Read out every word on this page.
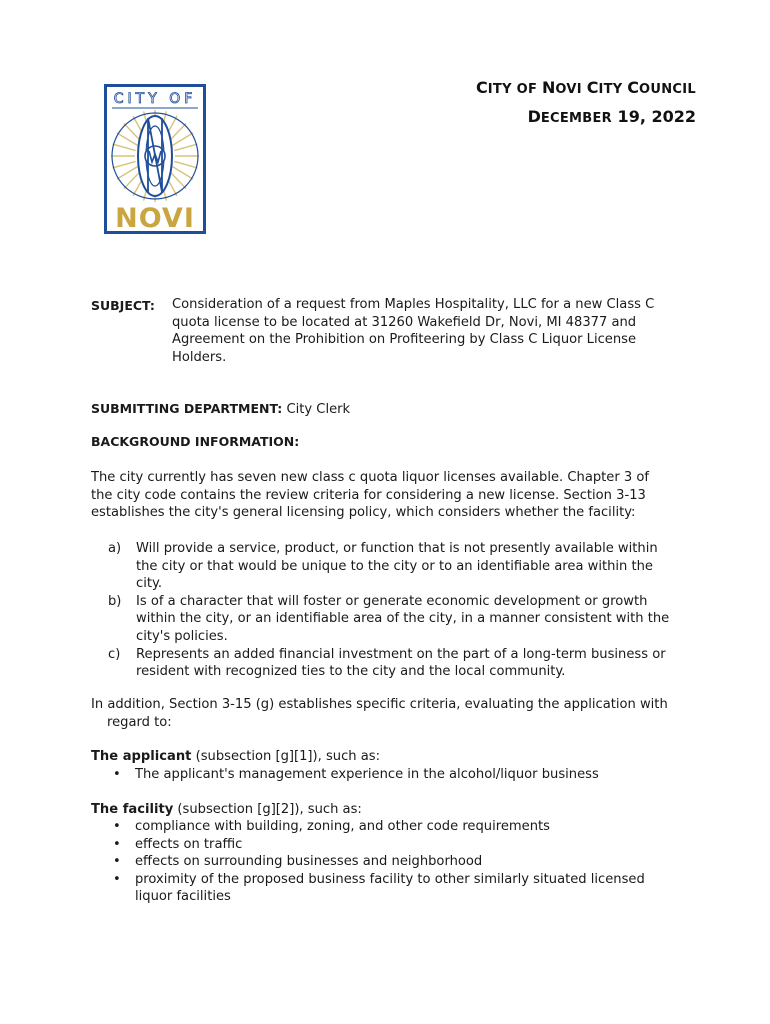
CITY OF
NOVI
CITY OF NOVI CITY COUNCIL
DECEMBER 19, 2022
SUBJECT: Consideration of a request from Maples Hospitality, LLC for a new Class C
quota license to be located at 31260 Wakefield Dr, Novi, MI 48377 and
Agreement on the Prohibition on Profiteering by Class C Liquor License
Holders.
SUBMITTING DEPARTMENT: City Clerk
BACKGROUND INFORMATION:
The city currently has seven new class c quota liquor licenses available. Chapter 3 of
the city code contains the review criteria for considering a new license. Section 3-13
establishes the city's general licensing policy, which considers whether the facility:
a) Will provide a service, product, or function that is not presently available within
the city or that would be unique to the city or to an identifiable area within the
city.
b) Is of a character that will foster or generate economic development or growth
within the city, or an identifiable area of the city, in a manner consistent with the
city's policies.
c) Represents an added financial investment on the part of a long-term business or
resident with recognized ties to the city and the local community.
In addition, Section 3-15 (g) establishes specific criteria, evaluating the application with
regard to:
The applicant (subsection [g][1]), such as:
• The applicant's management experience in the alcohol/liquor business
The facility (subsection [g][2]), such as:
• compliance with building, zoning, and other code requirements
• effects on traffic
• effects on surrounding businesses and neighborhood
• proximity of the proposed business facility to other similarly situated licensed
liquor facilities
